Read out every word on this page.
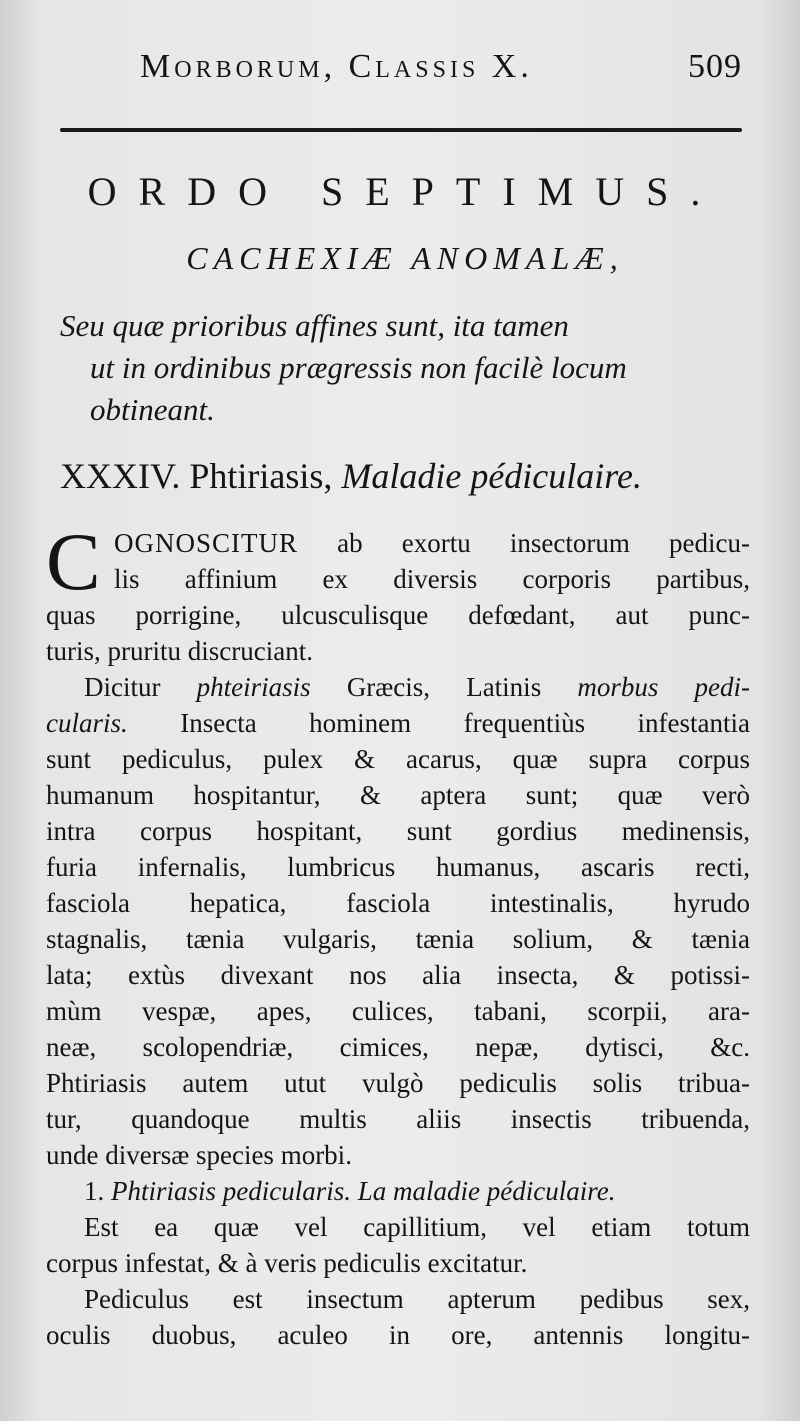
Morborum, Classis X.	509
ORDO SEPTIMUS.
CACHEXIÆ ANOMALÆ,
Seu quæ prioribus affines sunt, ita tamen
ut in ordinibus prægressis non facilè locum
obtineant.
XXXIV. Phtiriasis, Maladie pédiculaire.
C OGNOSCITUR ab exortu insectorum pedicu-
lis affinium ex diversis corporis partibus,
quas porrigine, ulcusculisque defœdant, aut punc-
turis, pruritu discruciant.
Dicitur phteiriasis Græcis, Latinis morbus pedi-
cularis. Insecta hominem frequentiùs infestantia
sunt pediculus, pulex & acarus, quæ supra corpus
humanum hospitantur, & aptera sunt; quæ verò
intra corpus hospitant, sunt gordius medinensis,
furia infernalis, lumbricus humanus, ascaris recti,
fasciola hepatica, fasciola intestinalis, hyrudo
stagnalis, tænia vulgaris, tænia solium, & tænia
lata; extùs divexant nos alia insecta, & potissi-
mùm vespæ, apes, culices, tabani, scorpii, ara-
neæ, scolopendriæ, cimices, nepæ, dytisci, &c.
Phtiriasis autem utut vulgò pediculis solis tribua-
tur, quandoque multis aliis insectis tribuenda,
unde diversæ species morbi.
1. Phtiriasis pedicularis. La maladie pédiculaire.
Est ea quæ vel capillitium, vel etiam totum
corpus infestat, & à veris pediculis excitatur.
Pediculus est insectum apterum pedibus sex,
oculis duobus, aculeo in ore, antennis longitu-
